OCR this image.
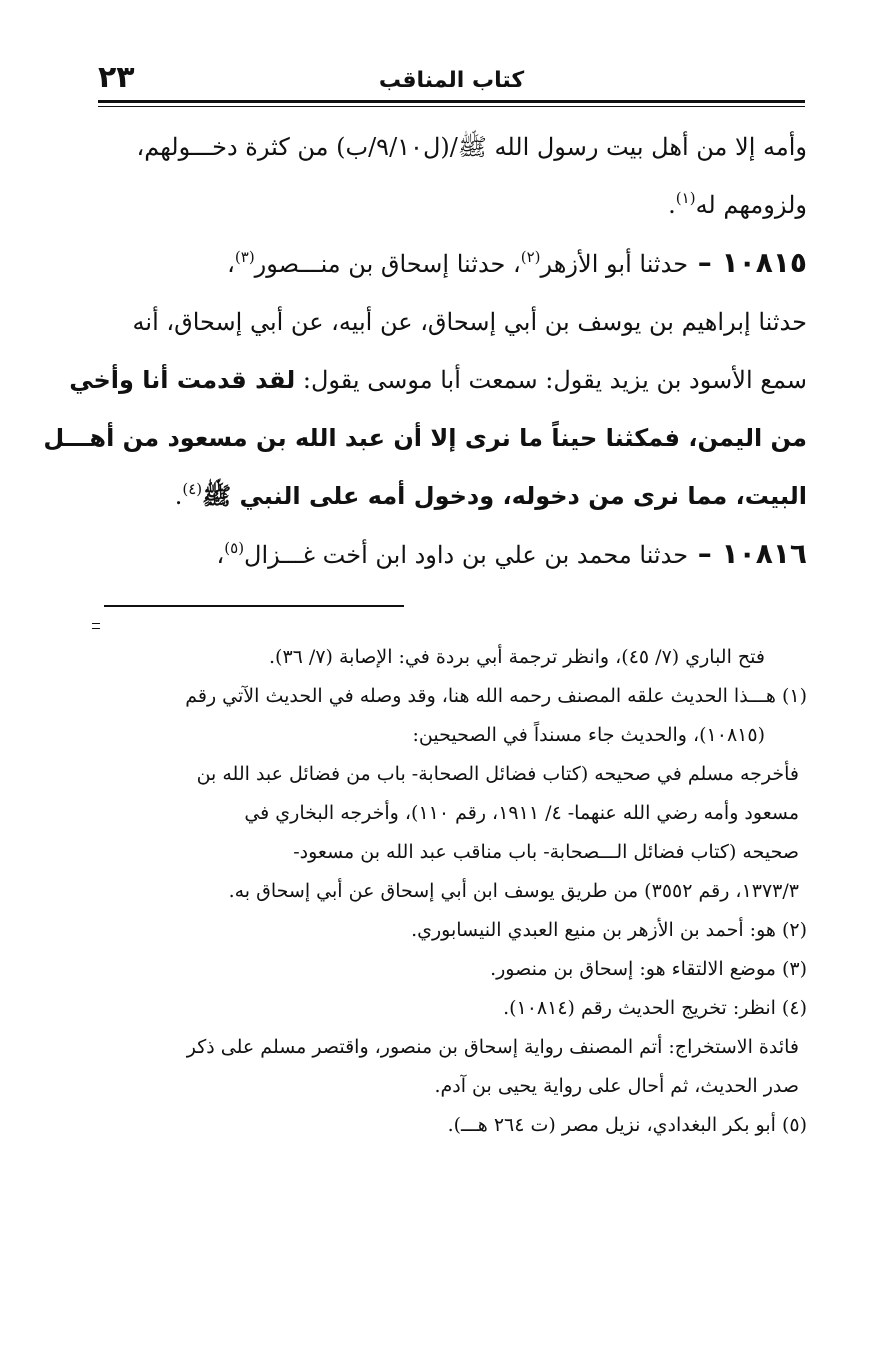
٢٣	كتاب المناقب

وأمه إلا من أهل بيت رسول الله ﷺ/(ل٩/١٠/ب) من كثرة دخـــولهم،
ولزومهم له$^{(١)}$.

١٠٨١٥ – حدثنا أبو الأزهر$^{(٢)}$، حدثنا إسحاق بن منـــصور$^{(٣)}$،
حدثنا إبراهيم بن يوسف بن أبي إسحاق، عن أبيه، عن أبي إسحاق، أنه
سمع الأسود بن يزيد يقول: سمعت أبا موسى يقول: لقد قدمت أنا وأخي
من اليمن، فمكثنا حيناً ما نرى إلا أن عبد الله بن مسعود من أهـــل
البيت، مما نرى من دخوله، ودخول أمه على النبي ﷺ$^{(٤)}$.

١٠٨١٦ – حدثنا محمد بن علي بن داود ابن أخت غـــزال$^{(٥)}$،

فتح الباري (٧/ ٤٥)، وانظر ترجمة أبي بردة في: الإصابة (٧/ ٣٦).
(١) هـــذا الحديث علقه المصنف رحمه الله هنا، وقد وصله في الحديث الآتي رقم
(١٠٨١٥)، والحديث جاء مسنداً في الصحيحين:
فأخرجه مسلم في صحيحه (كتاب فضائل الصحابة- باب من فضائل عبد الله بن
مسعود وأمه رضي الله عنهما- ٤/ ١٩١١، رقم ١١٠)، وأخرجه البخاري في
صحيحه (كتاب فضائل الـــصحابة- باب مناقب عبد الله بن مسعود-
١٣٧٣/٣، رقم ٣٥٥٢) من طريق يوسف ابن أبي إسحاق عن أبي إسحاق به.
(٢) هو: أحمد بن الأزهر بن منيع العبدي النيسابوري.
(٣) موضع الالتقاء هو: إسحاق بن منصور.
(٤) انظر: تخريج الحديث رقم (١٠٨١٤).
فائدة الاستخراج: أتم المصنف رواية إسحاق بن منصور، واقتصر مسلم على ذكر
صدر الحديث، ثم أحال على رواية يحيى بن آدم.
(٥) أبو بكر البغدادي، نزيل مصر (ت ٢٦٤ هـــ).
